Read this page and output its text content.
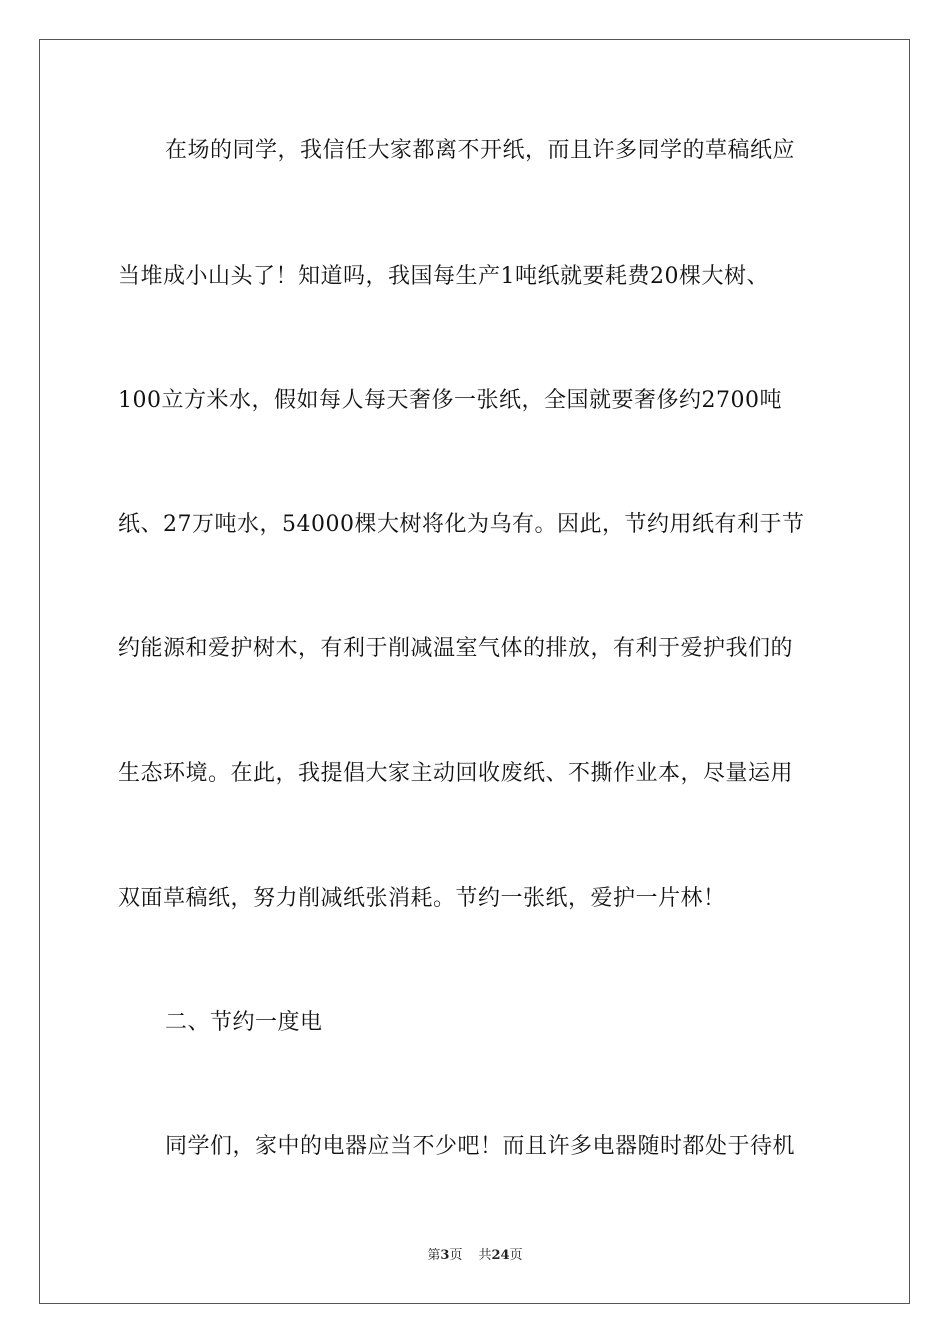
在场的同学，我信任大家都离不开纸，而且许多同学的草稿纸应
当堆成小山头了！知道吗，我国每生产1吨纸就要耗费20棵大树、
100立方米水，假如每人每天奢侈一张纸，全国就要奢侈约2700吨
纸、27万吨水，54000棵大树将化为乌有。因此，节约用纸有利于节
约能源和爱护树木，有利于削减温室气体的排放，有利于爱护我们的
生态环境。在此，我提倡大家主动回收废纸、不撕作业本，尽量运用
双面草稿纸，努力削减纸张消耗。节约一张纸，爱护一片林！
二、节约一度电
同学们，家中的电器应当不少吧！而且许多电器随时都处于待机
第3页 共24页
